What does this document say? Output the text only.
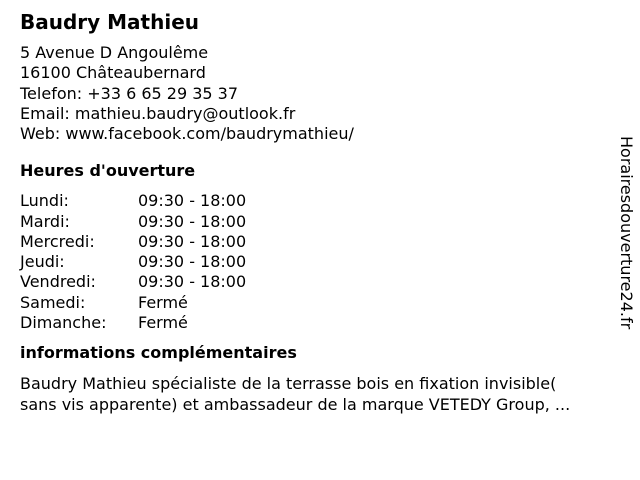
Baudry Mathieu
5 Avenue D Angoulême
16100 Châteaubernard
Telefon: +33 6 65 29 35 37
Email: mathieu.baudry@outlook.fr
Web: www.facebook.com/baudrymathieu/
Heures d'ouverture
Lundi:	09:30 - 18:00
Mardi:	09:30 - 18:00
Mercredi:	09:30 - 18:00
Jeudi:	09:30 - 18:00
Vendredi:	09:30 - 18:00
Samedi:	Fermé
Dimanche:	Fermé
informations complémentaires
Baudry Mathieu spécialiste de la terrasse bois en fixation invisible(
sans vis apparente) et ambassadeur de la marque VETEDY Group, ...
Horairesdouverture24.fr
